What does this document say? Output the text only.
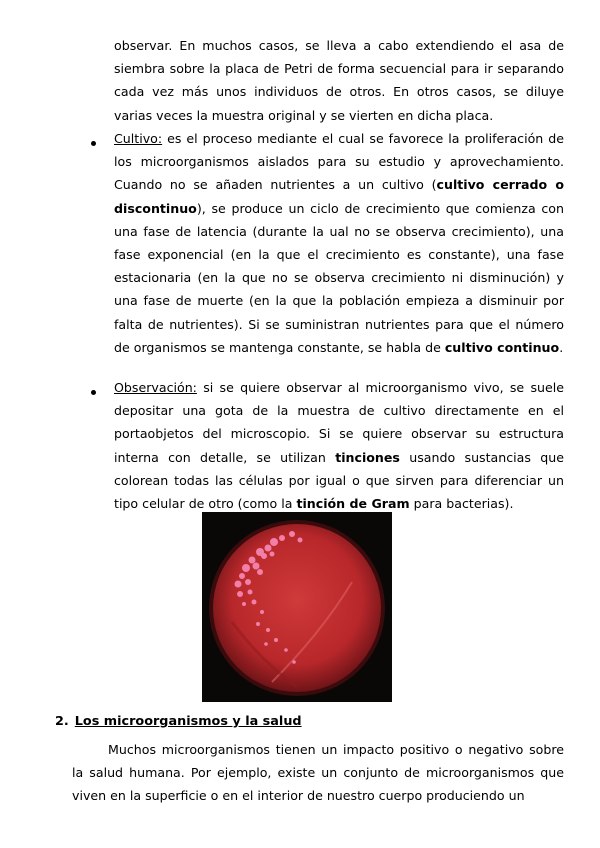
observar. En muchos casos, se lleva a cabo extendiendo el asa de siembra sobre la placa de Petri de forma secuencial para ir separando cada vez más unos individuos de otros. En otros casos, se diluye varias veces la muestra original y se vierten en dicha placa.

Cultivo: es el proceso mediante el cual se favorece la proliferación de los microorganismos aislados para su estudio y aprovechamiento. Cuando no se añaden nutrientes a un cultivo (cultivo cerrado o discontinuo), se produce un ciclo de crecimiento que comienza con una fase de latencia (durante la ual no se observa crecimiento), una fase exponencial (en la que el crecimiento es constante), una fase estacionaria (en la que no se observa crecimiento ni disminución) y una fase de muerte (en la que la población empieza a disminuir por falta de nutrientes). Si se suministran nutrientes para que el número de organismos se mantenga constante, se habla de cultivo continuo.

Observación: si se quiere observar al microorganismo vivo, se suele depositar una gota de la muestra de cultivo directamente en el portaobjetos del microscopio. Si se quiere observar su estructura interna con detalle, se utilizan tinciones usando sustancias que colorean todas las células por igual o que sirven para diferenciar un tipo celular de otro (como la tinción de Gram para bacterias).

2. Los microorganismos y la salud

Muchos microorganismos tienen un impacto positivo o negativo sobre la salud humana. Por ejemplo, existe un conjunto de microorganismos que viven en la superficie o en el interior de nuestro cuerpo produciendo un
